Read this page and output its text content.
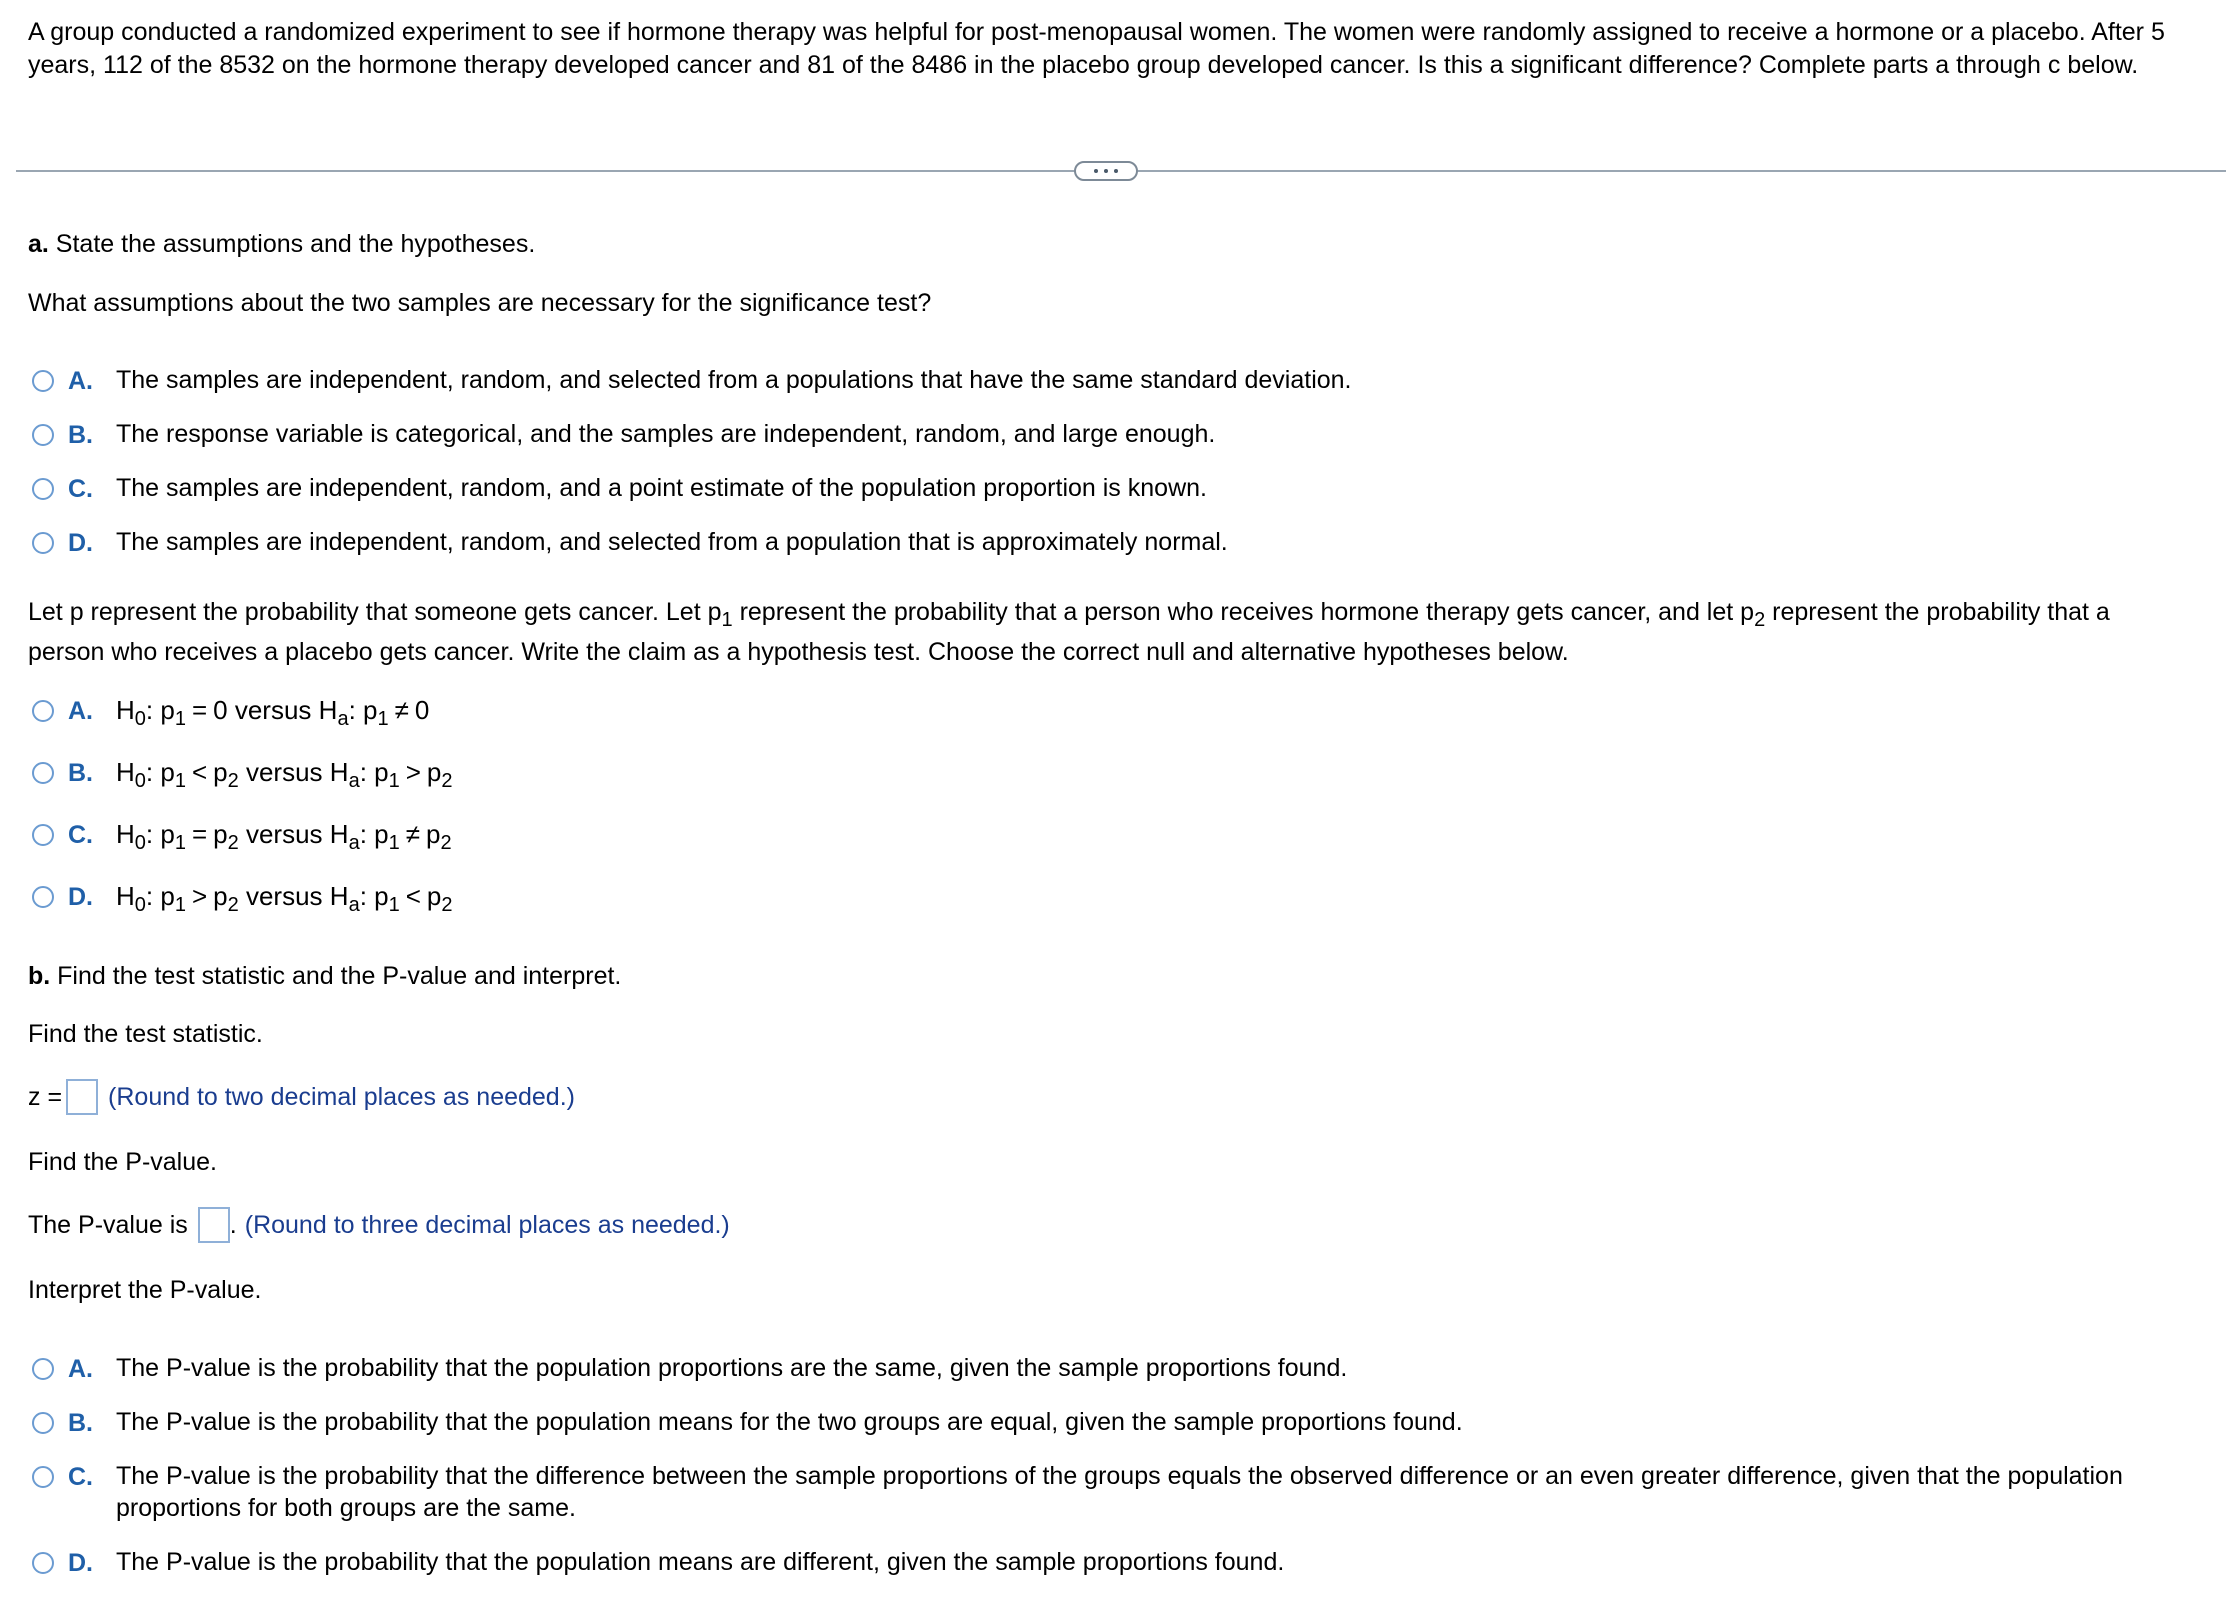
A group conducted a randomized experiment to see if hormone therapy was helpful for post-menopausal women. The women were randomly assigned to receive a hormone or a placebo. After 5 years, 112 of the 8532 on the hormone therapy developed cancer and 81 of the 8486 in the placebo group developed cancer. Is this a significant difference? Complete parts a through c below.
a. State the assumptions and the hypotheses.
What assumptions about the two samples are necessary for the significance test?
A. The samples are independent, random, and selected from a populations that have the same standard deviation.
B. The response variable is categorical, and the samples are independent, random, and large enough.
C. The samples are independent, random, and a point estimate of the population proportion is known.
D. The samples are independent, random, and selected from a population that is approximately normal.
Let p represent the probability that someone gets cancer. Let $p_1$ represent the probability that a person who receives hormone therapy gets cancer, and let $p_2$ represent the probability that a
person who receives a placebo gets cancer. Write the claim as a hypothesis test. Choose the correct null and alternative hypotheses below.
A. $H_0$: $p_1 = 0$ versus $H_a$: $p_1 \ne 0$
B. $H_0$: $p_1 < p_2$ versus $H_a$: $p_1 > p_2$
C. $H_0$: $p_1 = p_2$ versus $H_a$: $p_1 \ne p_2$
D. $H_0$: $p_1 > p_2$ versus $H_a$: $p_1 < p_2$
b. Find the test statistic and the P-value and interpret.
Find the test statistic.
z = (Round to two decimal places as needed.)
Find the P-value.
The P-value is . (Round to three decimal places as needed.)
Interpret the P-value.
A. The P-value is the probability that the population proportions are the same, given the sample proportions found.
B. The P-value is the probability that the population means for the two groups are equal, given the sample proportions found.
C. The P-value is the probability that the difference between the sample proportions of the groups equals the observed difference or an even greater difference, given that the population
proportions for both groups are the same.
D. The P-value is the probability that the population means are different, given the sample proportions found.
